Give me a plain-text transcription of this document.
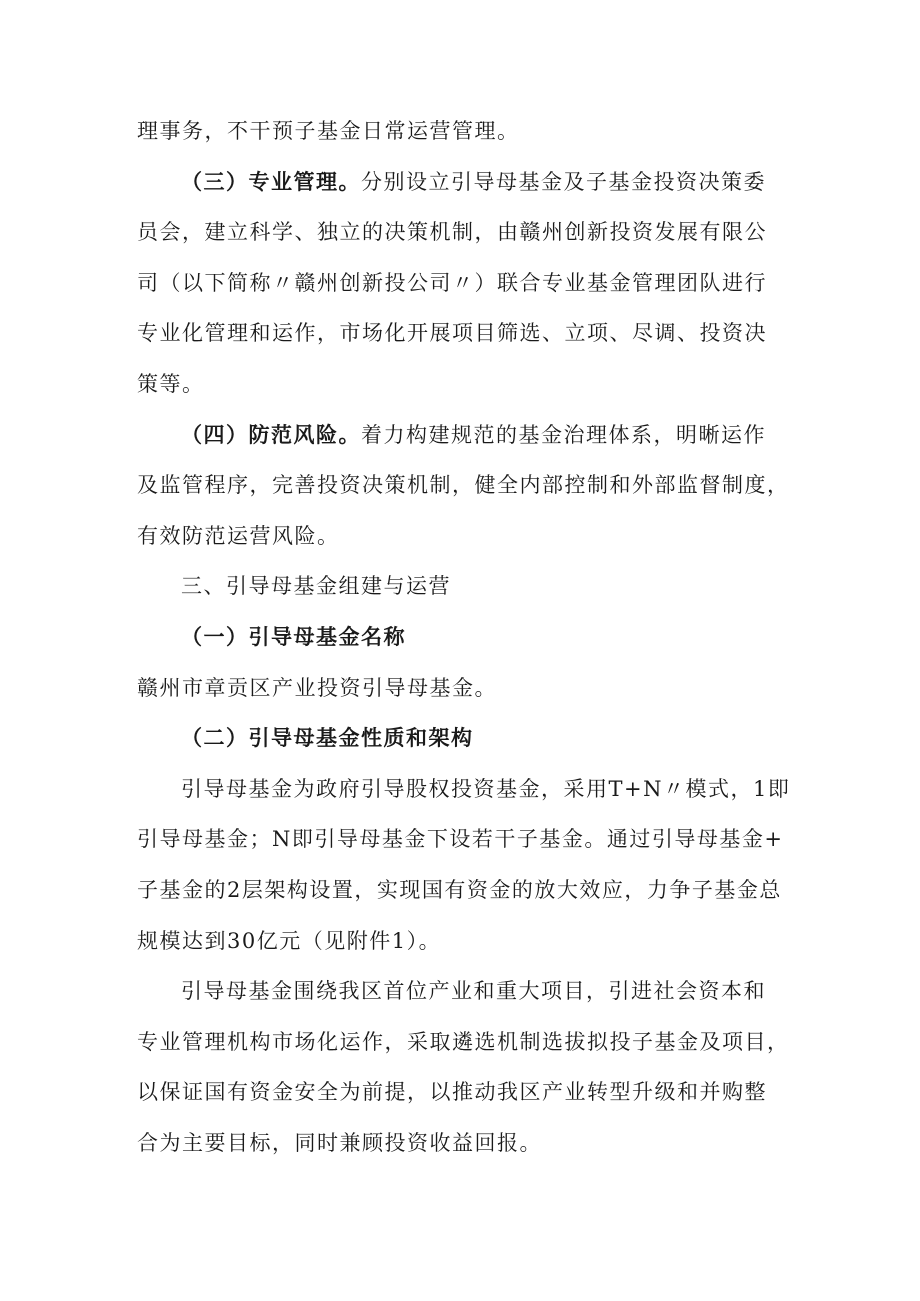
理事务，不干预子基金日常运营管理。
（三）专业管理。分别设立引导母基金及子基金投资决策委
员会，建立科学、独立的决策机制，由赣州创新投资发展有限公
司（以下简称〃赣州创新投公司〃）联合专业基金管理团队进行
专业化管理和运作，市场化开展项目筛选、立项、尽调、投资决
策等。
（四）防范风险。着力构建规范的基金治理体系，明晰运作
及监管程序，完善投资决策机制，健全内部控制和外部监督制度，
有效防范运营风险。
三、引导母基金组建与运营
（一）引导母基金名称
赣州市章贡区产业投资引导母基金。
（二）引导母基金性质和架构
引导母基金为政府引导股权投资基金，采用T+N〃模式，1即
引导母基金；N即引导母基金下设若干子基金。通过引导母基金+
子基金的2层架构设置，实现国有资金的放大效应，力争子基金总
规模达到30亿元（见附件1）。
引导母基金围绕我区首位产业和重大项目，引进社会资本和
专业管理机构市场化运作，采取遴选机制选拔拟投子基金及项目，
以保证国有资金安全为前提，以推动我区产业转型升级和并购整
合为主要目标，同时兼顾投资收益回报。
